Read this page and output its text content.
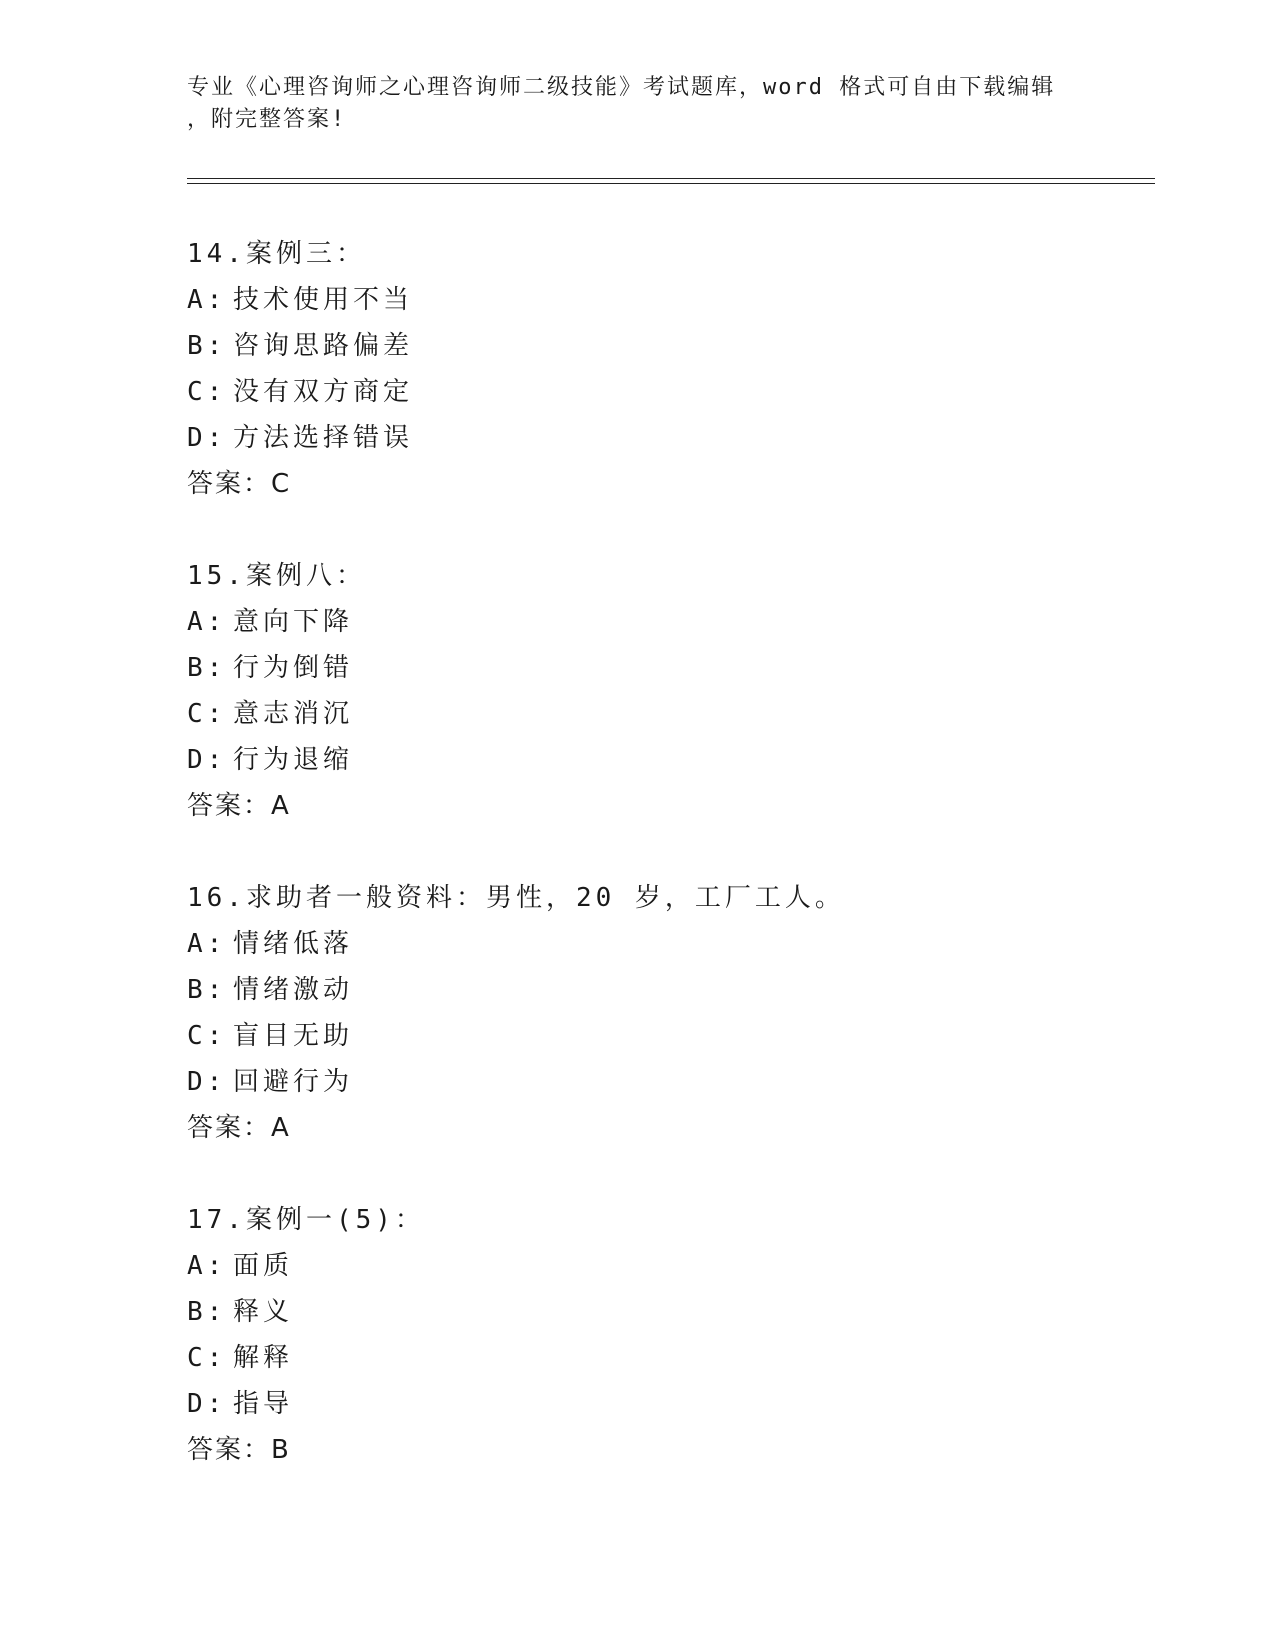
专业《心理咨询师之心理咨询师二级技能》考试题库，word 格式可自由下载编辑
，附完整答案!
14.案例三：
A: 技术使用不当
B: 咨询思路偏差
C: 没有双方商定
D: 方法选择错误
答案：C
15.案例八：
A: 意向下降
B: 行为倒错
C: 意志消沉
D: 行为退缩
答案：A
16.求助者一般资料：男性，20 岁，工厂工人。
A: 情绪低落
B: 情绪激动
C: 盲目无助
D: 回避行为
答案：A
17.案例一(5)：
A: 面质
B: 释义
C: 解释
D: 指导
答案：B
